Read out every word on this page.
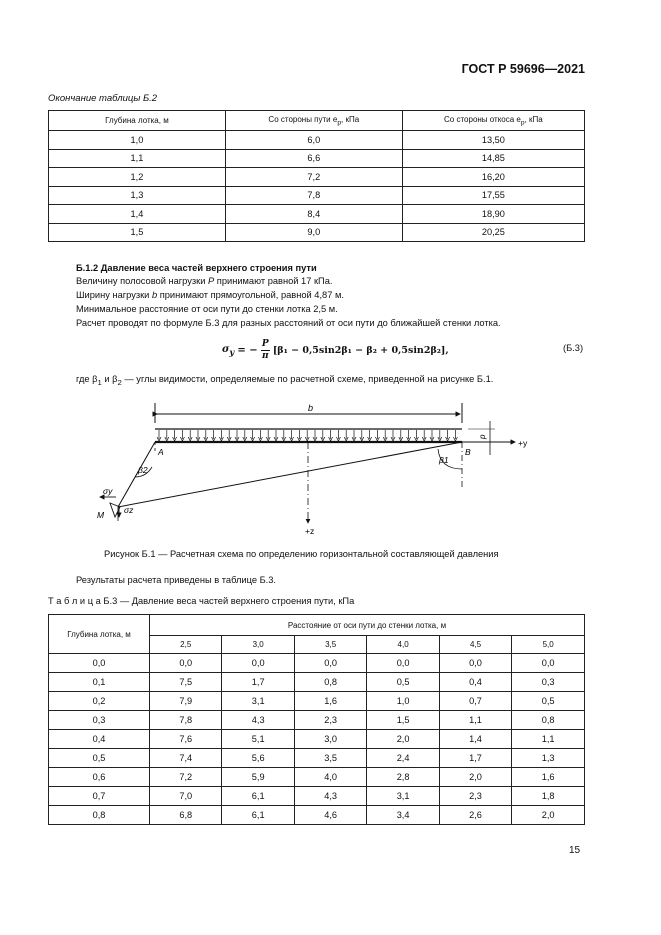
ГОСТ Р 59696—2021
Окончание таблицы Б.2
Глубина лотка, м	Со стороны пути $e_p$, кПа	Со стороны откоса $e_p$, кПа
1,0	6,0	13,50
1,1	6,6	14,85
1,2	7,2	16,20
1,3	7,8	17,55
1,4	8,4	18,90
1,5	9,0	20,25
Б.1.2 Давление веса частей верхнего строения пути
Величину полосовой нагрузки P принимают равной 17 кПа.
Ширину нагрузки b принимают прямоугольной, равной 4,87 м.
Минимальное расстояние от оси пути до стенки лотка 2,5 м.
Расчет проводят по формуле Б.3 для разных расстояний от оси пути до ближайшей стенки лотка.
$\sigma_y$ = − $\frac{P}{\pi} [\beta_1 - 0,5\sin 2\beta_1 - \beta_2 + 0,5\sin 2\beta_2]$,	(Б.3)
где $\beta_1$ и $\beta_2$ — углы видимости, определяемые по расчетной схеме, приведенной на рисунке Б.1.
b
+y
p
+z
A	B
β2
β1
σy
σz
M
Рисунок Б.1 — Расчетная схема по определению горизонтальной составляющей давления
Результаты расчета приведены в таблице Б.3.
Т а б л и ц а Б.3 — Давление веса частей верхнего строения пути, кПа
Глубина лотка, м	Расстояние от оси пути до стенки лотка, м					
	2,5	3,0	3,5	4,0	4,5	5,0
0,0	0,0	0,0	0,0	0,0	0,0	0,0
0,1	7,5	1,7	0,8	0,5	0,4	0,3
0,2	7,9	3,1	1,6	1,0	0,7	0,5
0,3	7,8	4,3	2,3	1,5	1,1	0,8
0,4	7,6	5,1	3,0	2,0	1,4	1,1
0,5	7,4	5,6	3,5	2,4	1,7	1,3
0,6	7,2	5,9	4,0	2,8	2,0	1,6
0,7	7,0	6,1	4,3	3,1	2,3	1,8
0,8	6,8	6,1	4,6	3,4	2,6	2,0
15
